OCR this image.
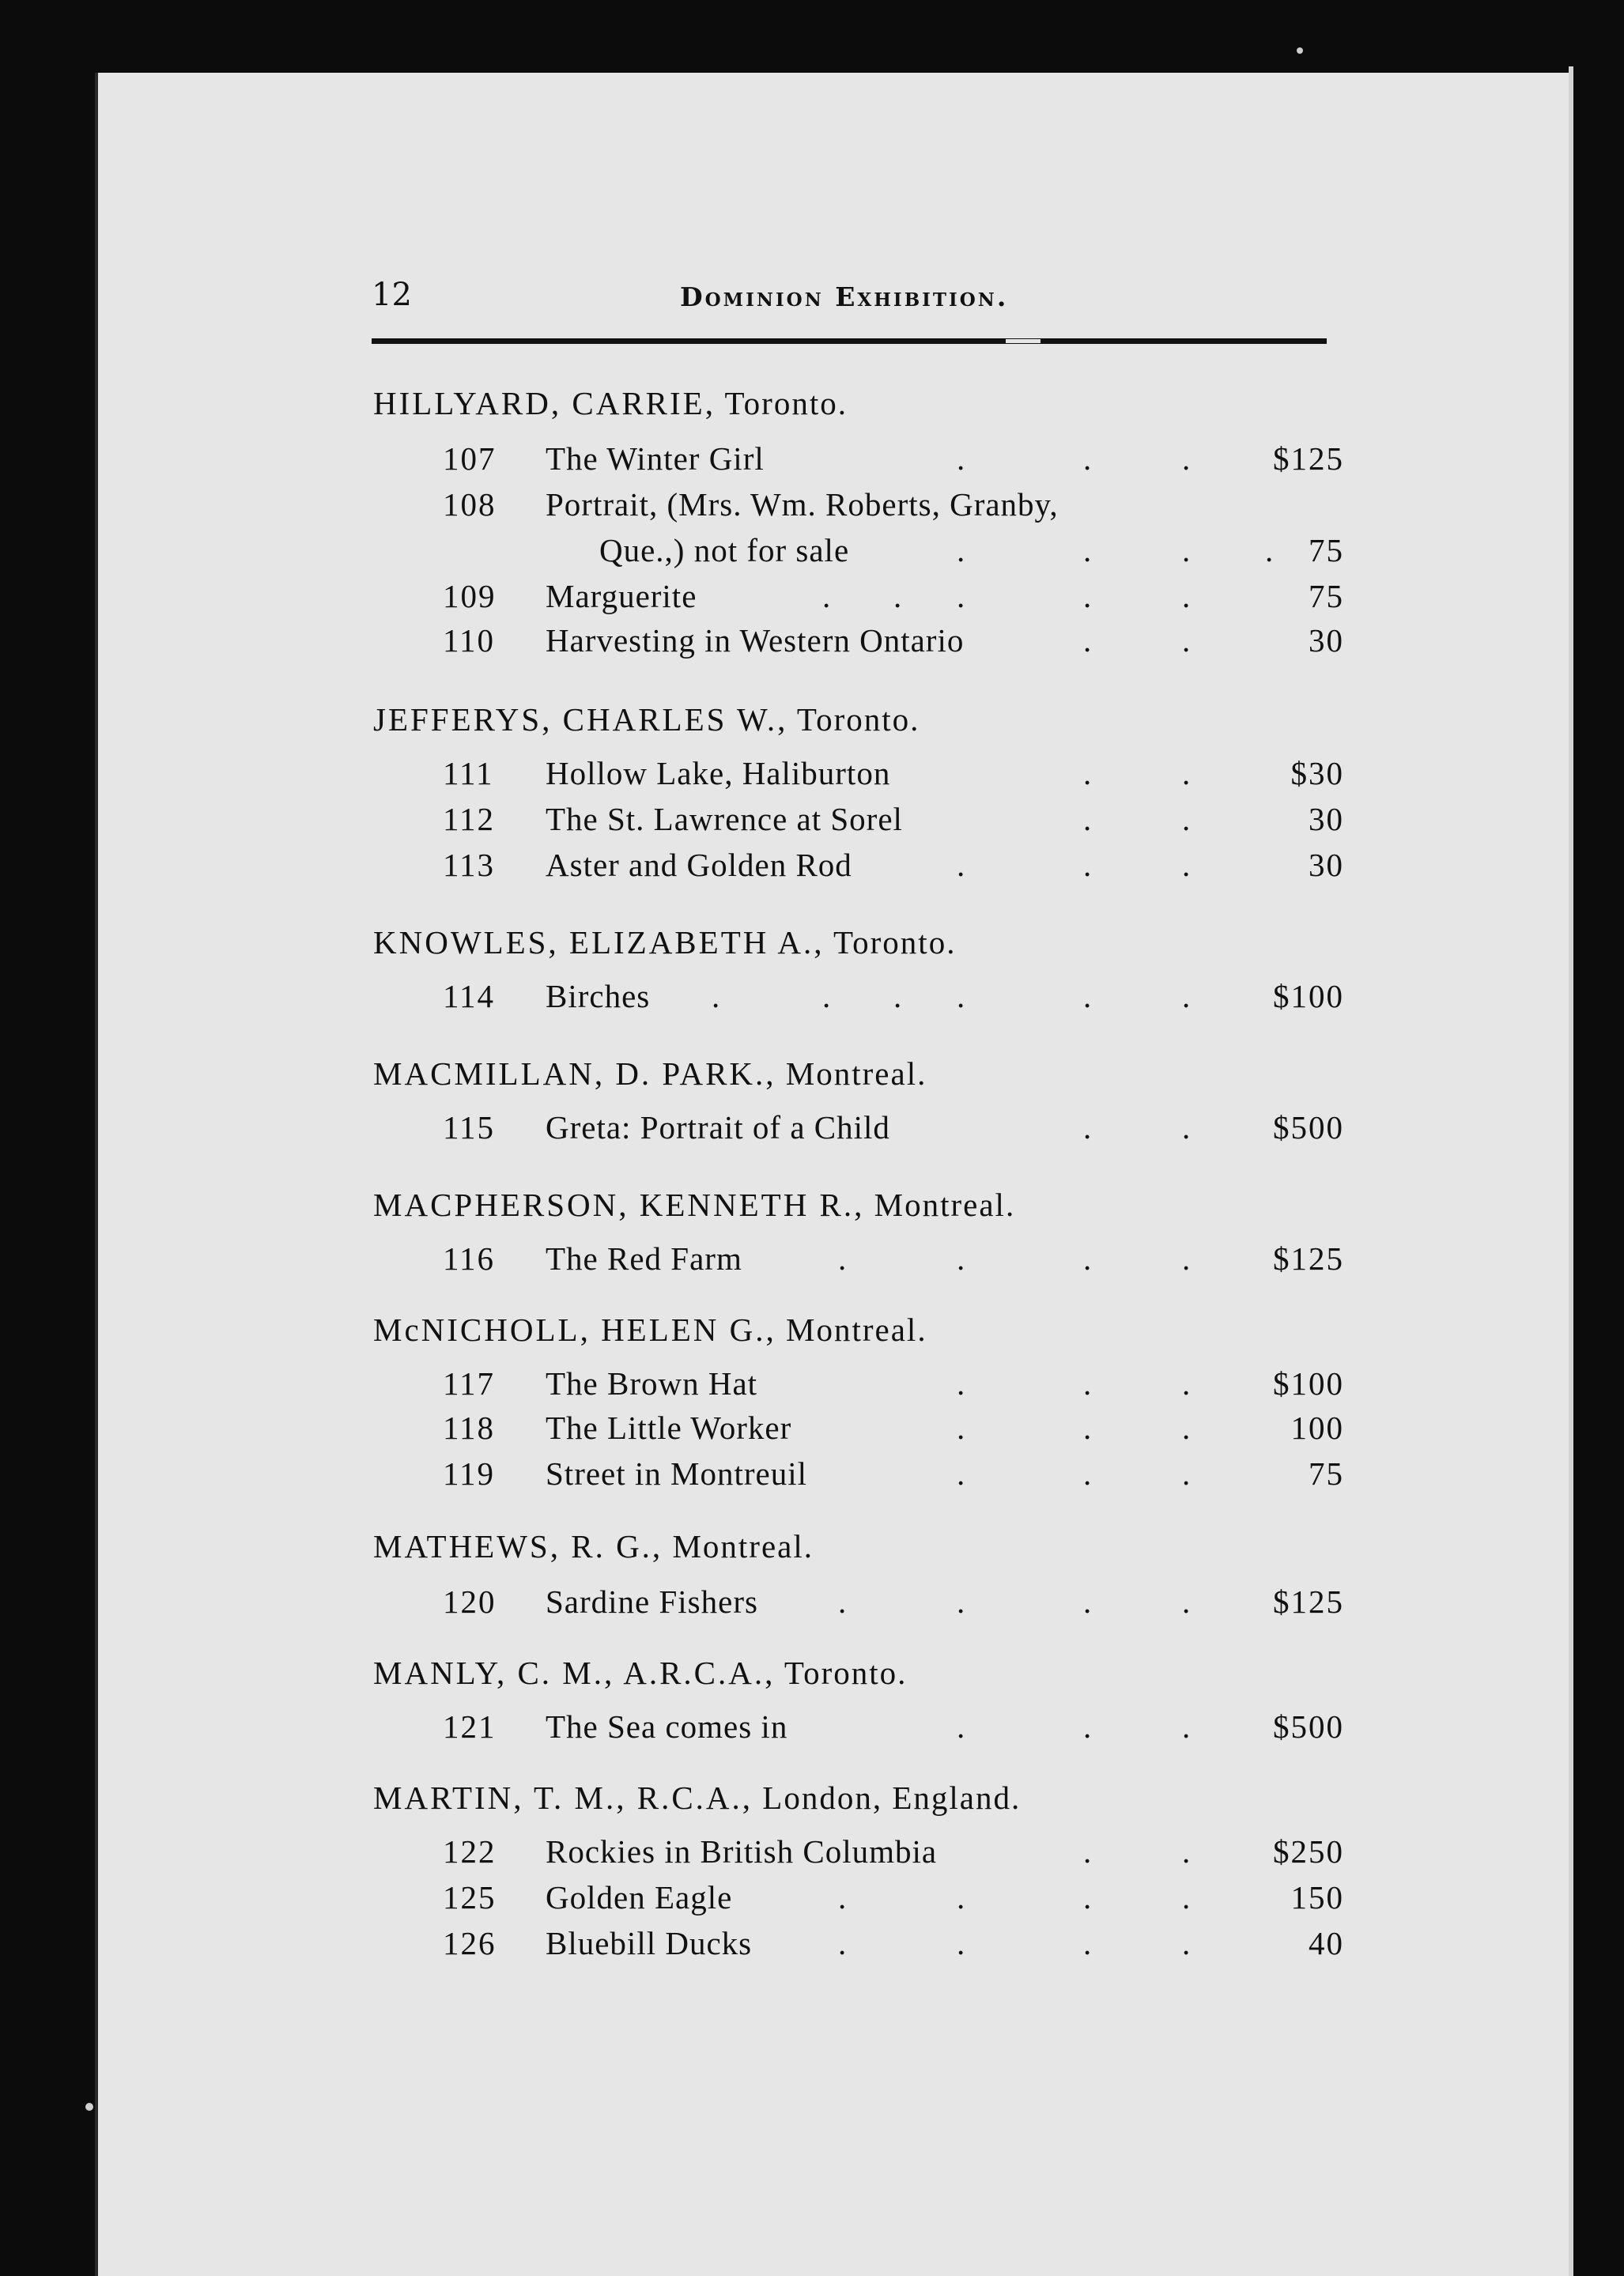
12	Dominion Exhibition.
HILLYARD, CARRIE, Toronto.
107	The Winter Girl	.	.	.	$125
108	Portrait, (Mrs. Wm. Roberts, Granby,
Que.,) not for sale	.	.	. . 75
109	Marguerite	. . .	.	.	75
110	Harvesting in Western Ontario	.	.	30
JEFFERYS, CHARLES W., Toronto.
111	Hollow Lake, Haliburton	.	.	$30
112	The St. Lawrence at Sorel	.	.	30
113	Aster and Golden Rod	.	.	.	30
KNOWLES, ELIZABETH A., Toronto.
114	Birches .	. . .	.	.	$100
MACMILLAN, D. PARK., Montreal.
115	Greta: Portrait of a Child	.	.	$500
MACPHERSON, KENNETH R., Montreal.
116	The Red Farm	.	.	.	.	$125
McNICHOLL, HELEN G., Montreal.
117	The Brown Hat	.	.	.	$100
118	The Little Worker	.	.	.	100
119	Street in Montreuil	.	.	.	75
MATHEWS, R. G., Montreal.
120	Sardine Fishers .	.	.	.	$125
MANLY, C. M., A.R.C.A., Toronto.
121	The Sea comes in	.	.	.	$500
MARTIN, T. M., R.C.A., London, England.
122	Rockies in British Columbia	.	.	$250
125	Golden Eagle	.	.	.	.	150
126	Bluebill Ducks	.	.	.	.	40
